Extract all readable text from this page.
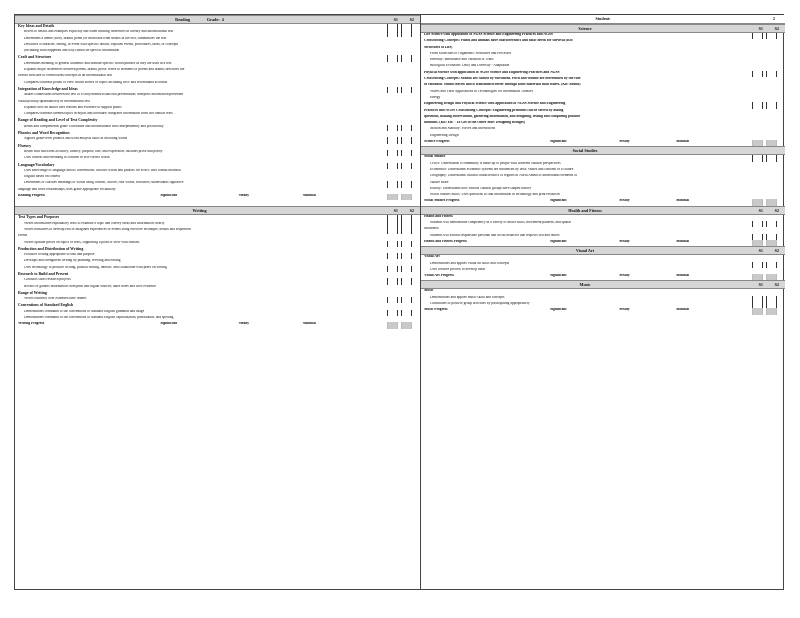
Reading	Grade: 4	S1	S2
Key Ideas and Details
Refers to details and examples explicitly and when drawing inferences in literary and informational text
Determines a theme (story, drama, poem) or main idea from details in the text, summarizes the text
Describes a character, setting, or event with specific details; explains events, procedures, ideas, or concepts
(including what happened and why) based on specific information
Craft and Structure
Determines meaning of general academic and domain-specific words/phrases as they are used in a text
Explains major differences between poems, drama, prose; refers to elements of poems and drama; describes the
overall structure of events/ideas/concepts in an informational text
Compares/contrasts points of view within stories or topics including first- and secondhand accounts
Integration of Knowledge and Ideas
Makes connections between the text of a story/drama/visual/oral presentation; interprets information presented
visually/orally/quantitatively in informational text
Explains how an author uses reasons and evidence to support points
Compares/contrasts themes/topics in myths and literature; integrates information from two similar texts
Range of Reading and Level of Text Complexity
Reads and comprehends grade 4 literature and informational texts independently and proficiently
Phonics and Word Recognition
Applies grade-level phonics and word analysis skills in decoding words
Fluency
Reads with sufficient accuracy, fluency, purpose, rate, and expression; includes prose and poetry
Uses context and rereading to confirm or self-correct words
Language/Vocabulary
Uses knowledge of language and its conventions; chooses words and phrases for effect; uses formal informal
English based on context
Determines or clarifies meanings of words using context, affixes, root words, resources; understands figurative
language and word relationships; uses grade appropriate vocabulary
Reading Progress	Significant	Steady	Minimal
Writing	S1	S2
Text Types and Purposes
Writes informative/explanatory texts to examine a topic and convey ideas and information clearly
Writes narratives to develop real or imagined experiences or events using effective technique, details and sequenced
events
Writes opinion pieces on topics or texts, supporting a point of view with reasons
Production and Distribution of Writing
Produces writing appropriate to task and purpose
Develops and strengthens writing by planning, revising and editing
Uses technology to produce writing, publish writing, interact, and collaborate with peers on writing
Research to Build and Present
Conducts short research projects
Recalls or gathers information from print and digital sources; takes notes and cites evidence
Range of Writing
Writes routinely over extended time frames
Conventions of Standard English
Demonstrates command of the conventions of standard English grammar and usage
Demonstrates command of the conventions of standard English capitalization, punctuation, and spelling
Writing Progress	Significant	Steady	Minimal
Student:	2
Science	S1	S2
Life Science with application of NGSS Science and Engineering Practices and NGSS
Crosscutting Concepts: Plants and animals have characteristics and basic needs for survival (Kit:
Structures of Life)
From Molecules to Organisms: Structures and Processes
Heredity: Inheritance and Variation of Traits
Biological Evolution: Unity and Diversity - Adaptation
Physical Science with application of NGSS Science and Engineering Practices and NGSS
Crosscutting Concepts: Sounds are caused by vibrations. Pitch and volume are determined by the rate
of vibration. Sound travels and is transmitted better through some materials than others. (Kit: Sound)
Waves and Their Applications in Technologies for Information Transfer
Energy
Engineering Design and Physical Science with application of NGSS Science and Engineering
Practices and NGSS Crosscutting Concepts: Engineering problems can be solved by asking
questions, making observations, gathering information, and designing, testing and comparing possible
solutions. (Kit: EiE - To Get to the Other Side: Designing Bridges)
Motion and Stability: Forces and Interactions
Engineering Design
Science Progress	Significant	Steady	Minimal
Social Studies
Social Studies
Civics: Understands a community is made up of people with different cultural perspectives
Economics: Understands economic systems are influenced by laws, values and customs of a culture
Geography: Understands cultural characteristics of regions in North America; understands elements of
culture share
History: Understands how various cultural groups have shaped history
Social Studies Skills: Uses questions to find information in technology and print resources
Social Studies Progress	Significant	Steady	Minimal
Health and Fitness	S1	S2
Health and Fitness
Students will demonstrate competency in a variety of motor skills, movement patterns, and spatial
awareness
Students will exhibit responsible personal and social behavior that respects self and others
Health and Fitness Progress	Significant	Steady	Minimal
Visual Art	S1	S2
Visual Art
Demonstrates and applies visual art skills and concepts
Uses creative process to develop ideas
Visual Art Progress	Significant	Steady	Minimal
Music	S1	S2
Music
Demonstrates and applies music skills and concepts
Contributes to positive group activities by participating appropriately
Music Progress	Significant	Steady	Minimal
